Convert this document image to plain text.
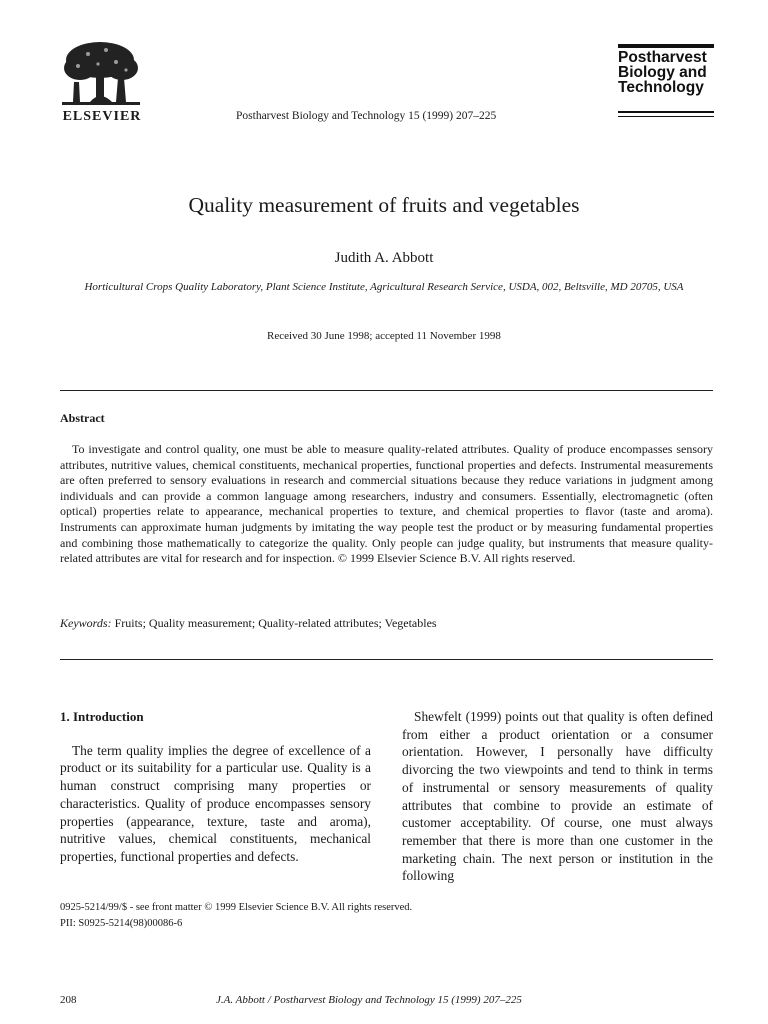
ELSEVIER	Postharvest Biology and Technology 15 (1999) 207–225
Postharvest
Biology and
Technology
Quality measurement of fruits and vegetables
Judith A. Abbott
Horticultural Crops Quality Laboratory, Plant Science Institute, Agricultural Research Service, USDA, 002, Beltsville, MD 20705, USA
Received 30 June 1998; accepted 11 November 1998
Abstract
To investigate and control quality, one must be able to measure quality-related attributes. Quality of produce encompasses sensory attributes, nutritive values, chemical constituents, mechanical properties, functional properties and defects. Instrumental measurements are often preferred to sensory evaluations in research and commercial situations because they reduce variations in judgment among individuals and can provide a common language among researchers, industry and consumers. Essentially, electromagnetic (often optical) properties relate to appearance, mechanical properties to texture, and chemical properties to flavor (taste and aroma). Instruments can approximate human judgments by imitating the way people test the product or by measuring fundamental properties and combining those mathematically to categorize the quality. Only people can judge quality, but instruments that measure quality-related attributes are vital for research and for inspection. © 1999 Elsevier Science B.V. All rights reserved.
Keywords: Fruits; Quality measurement; Quality-related attributes; Vegetables

1. Introduction

The term quality implies the degree of excellence of a product or its suitability for a particular use. Quality is a human construct comprising many properties or characteristics. Quality of produce encompasses sensory properties (appearance, texture, taste and aroma), nutritive values, chemical constituents, mechanical properties, functional properties and defects.

Shewfelt (1999) points out that quality is often defined from either a product orientation or a consumer orientation. However, I personally have difficulty divorcing the two viewpoints and tend to think in terms of instrumental or sensory measurements of quality attributes that combine to provide an estimate of customer acceptability. Of course, one must always remember that there is more than one customer in the marketing chain. The next person or institution in the following

0925-5214/99/$ - see front matter © 1999 Elsevier Science B.V. All rights reserved.
PII: S0925-5214(98)00086-6
208	J.A. Abbott / Postharvest Biology and Technology 15 (1999) 207–225
